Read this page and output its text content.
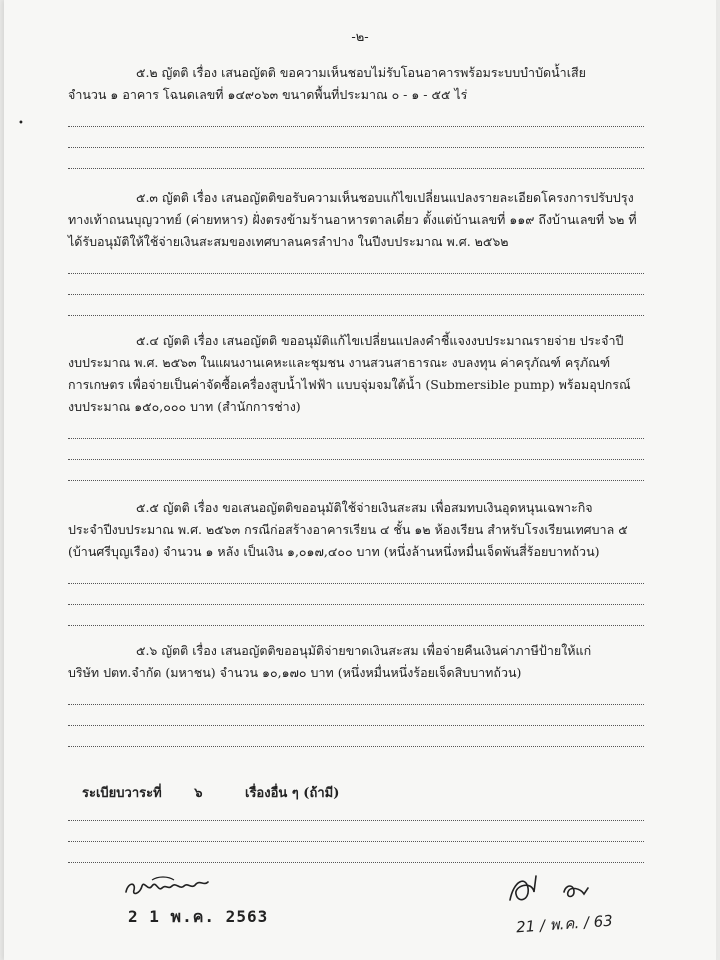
-๒-
•

๕.๒ ญัตติ เรื่อง เสนอญัตติ ขอความเห็นชอบไม่รับโอนอาคารพร้อมระบบบำบัดน้ำเสีย
จำนวน ๑ อาคาร โฉนดเลขที่ ๑๔๙๐๖๓ ขนาดพื้นที่ประมาณ ๐ - ๑ - ๕๕ ไร่

๕.๓ ญัตติ เรื่อง เสนอญัตติขอรับความเห็นชอบแก้ไขเปลี่ยนแปลงรายละเอียดโครงการปรับปรุง
ทางเท้าถนนบุญวาทย์ (ค่ายทหาร) ฝั่งตรงข้ามร้านอาหารตาลเดี่ยว ตั้งแต่บ้านเลขที่ ๑๑๙ ถึงบ้านเลขที่ ๖๒ ที่ได้รับอนุมัติให้ใช้จ่ายเงินสะสมของเทศบาลนครลำปาง ในปีงบประมาณ พ.ศ. ๒๕๖๒

๕.๔ ญัตติ เรื่อง เสนอญัตติ ขออนุมัติแก้ไขเปลี่ยนแปลงคำชี้แจงงบประมาณรายจ่าย ประจำปี
งบประมาณ พ.ศ. ๒๕๖๓ ในแผนงานเคหะและชุมชน งานสวนสาธารณะ งบลงทุน ค่าครุภัณฑ์ ครุภัณฑ์การเกษตร เพื่อจ่ายเป็นค่าจัดซื้อเครื่องสูบน้ำไฟฟ้า แบบจุ่มจมใต้น้ำ (Submersible pump) พร้อมอุปกรณ์ งบประมาณ ๑๕๐,๐๐๐ บาท (สำนักการช่าง)

๕.๕ ญัตติ เรื่อง ขอเสนอญัตติขออนุมัติใช้จ่ายเงินสะสม เพื่อสมทบเงินอุดหนุนเฉพาะกิจ
ประจำปีงบประมาณ พ.ศ. ๒๕๖๓ กรณีก่อสร้างอาคารเรียน ๔ ชั้น ๑๒ ห้องเรียน สำหรับโรงเรียนเทศบาล ๕ (บ้านศรีบุญเรือง) จำนวน ๑ หลัง เป็นเงิน ๑,๐๑๗,๔๐๐ บาท (หนึ่งล้านหนึ่งหมื่นเจ็ดพันสี่ร้อยบาทถ้วน)

๕.๖ ญัตติ เรื่อง เสนอญัตติขออนุมัติจ่ายขาดเงินสะสม เพื่อจ่ายคืนเงินค่าภาษีป้ายให้แก่
บริษัท ปตท.จำกัด (มหาชน) จำนวน ๑๐,๑๗๐ บาท (หนึ่งหมื่นหนึ่งร้อยเจ็ดสิบบาทถ้วน)

ระเบียบวาระที่	๖	เรื่องอื่น ๆ (ถ้ามี)
2 1 พ.ค. 2563	21 / พ.ค. / 63
